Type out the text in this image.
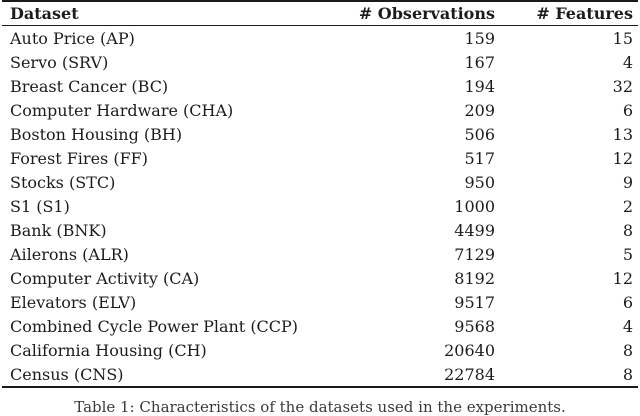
Dataset	# Observations	# Features
Auto Price (AP)	159	15
Servo (SRV)	167	4
Breast Cancer (BC)	194	32
Computer Hardware (CHA)	209	6
Boston Housing (BH)	506	13
Forest Fires (FF)	517	12
Stocks (STC)	950	9
S1 (S1)	1000	2
Bank (BNK)	4499	8
Ailerons (ALR)	7129	5
Computer Activity (CA)	8192	12
Elevators (ELV)	9517	6
Combined Cycle Power Plant (CCP)	9568	4
California Housing (CH)	20640	8
Census (CNS)	22784	8
Table 1: Characteristics of the datasets used in the experiments.
